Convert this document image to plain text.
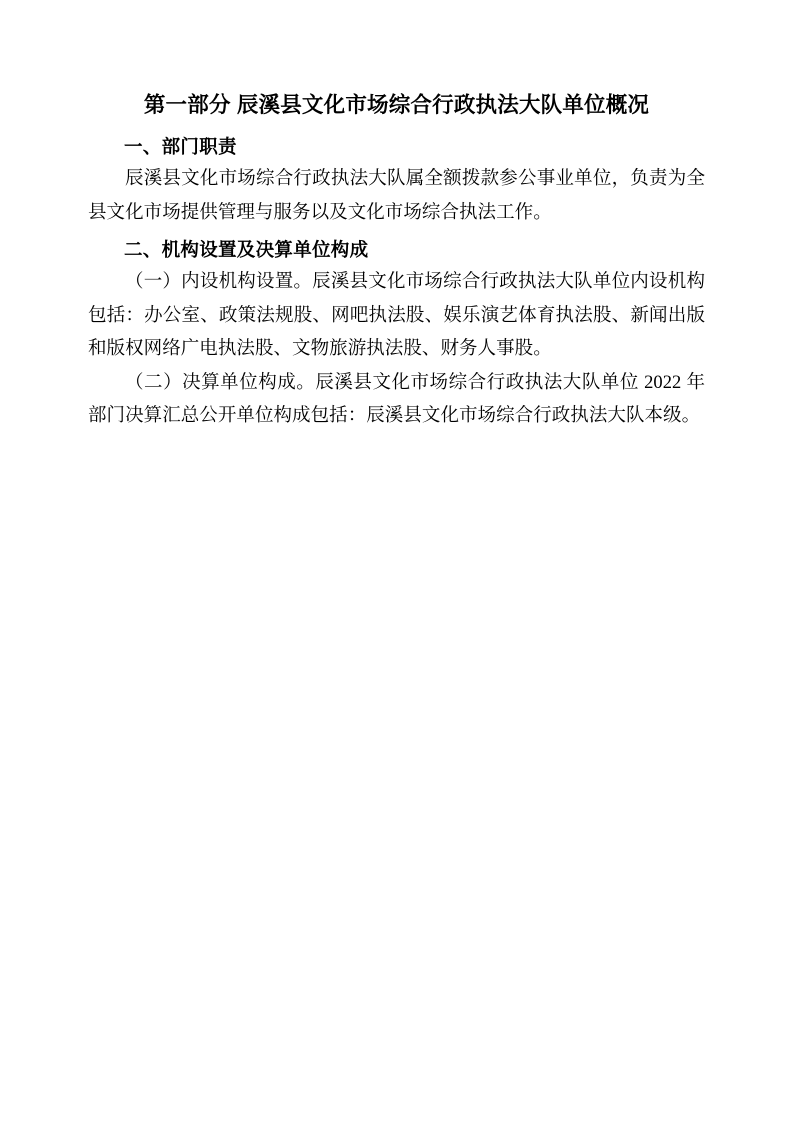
第一部分 辰溪县文化市场综合行政执法大队单位概况
一、部门职责

辰溪县文化市场综合行政执法大队属全额拨款参公事业单位，负责为全县文化市场提供管理与服务以及文化市场综合执法工作。

二、机构设置及决算单位构成

（一）内设机构设置。辰溪县文化市场综合行政执法大队单位内设机构包括：办公室、政策法规股、网吧执法股、娱乐演艺体育执法股、新闻出版和版权网络广电执法股、文物旅游执法股、财务人事股。

（二）决算单位构成。辰溪县文化市场综合行政执法大队单位 2022 年部门决算汇总公开单位构成包括：辰溪县文化市场综合行政执法大队本级。
